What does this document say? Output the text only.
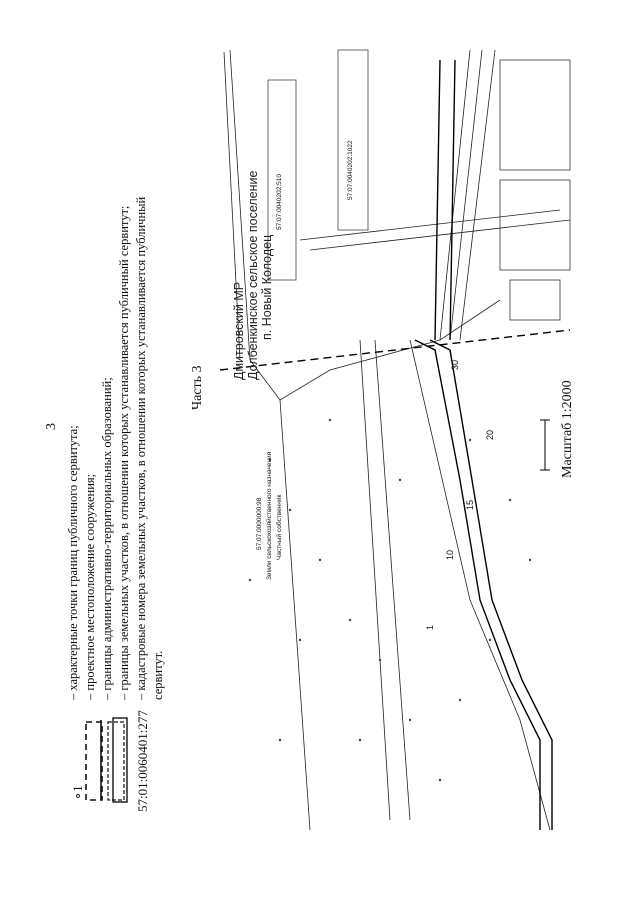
3
Часть 3	Масштаб 1:2000
∘1	57:01:0060401:277
– характерные точки границ публичного сервитута; – проектное местоположение сооружения; – границы административно-территориальных образований; – границы земельных участков, в отношении которых устанавливается публичный сервитут; – кадастровые номера земельных участков, в отношении которых устанавливается публичный сервитут.
Дмитровский МР Долбенкинское сельское поселение п. Новый Колодец
57:07:0040202:510
57:07:0040202:1022
57:07:0000000:98 Земли сельскохозяйственного назначения Частный собственник
1
10
15
20
30
